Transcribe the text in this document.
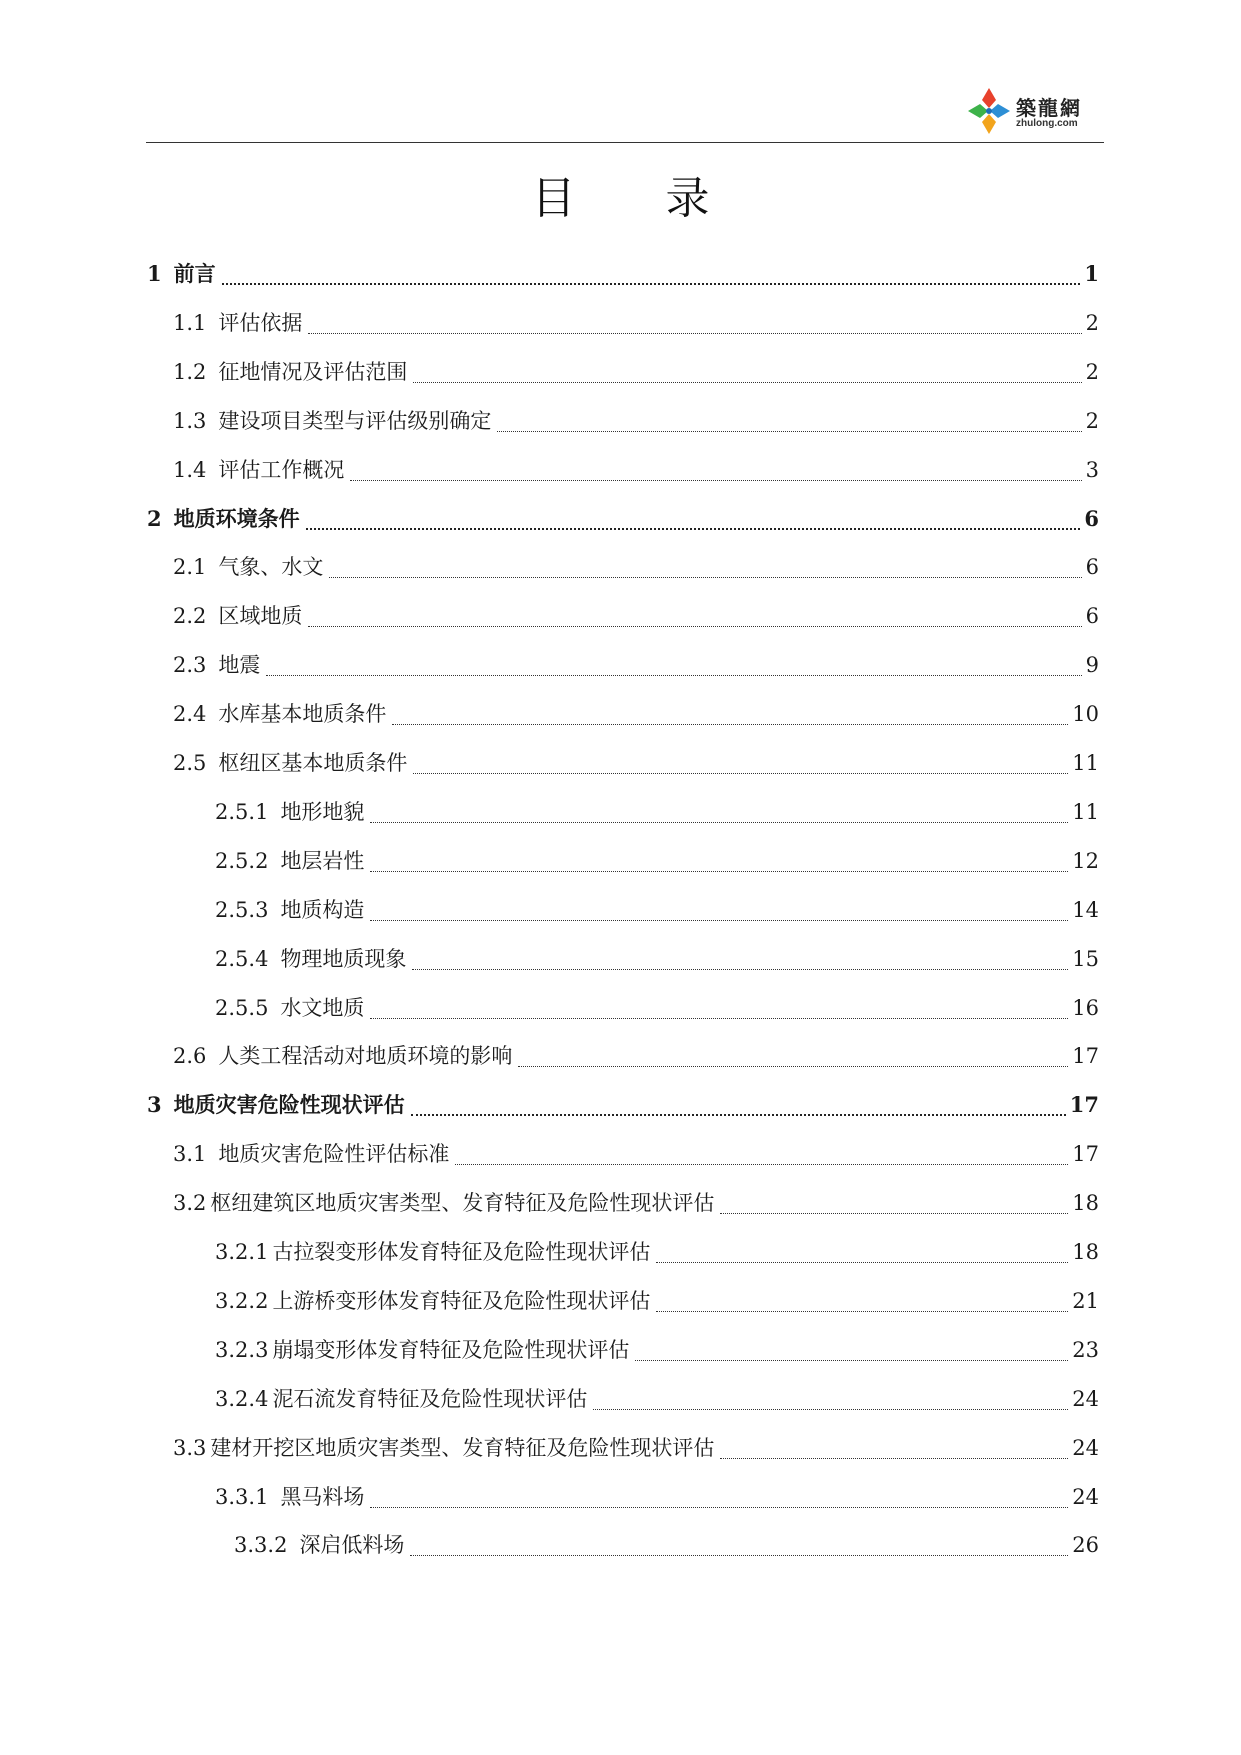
築龍網
zhulong.com
目录
1 前言	1
1.1 评估依据	2
1.2 征地情况及评估范围	2
1.3 建设项目类型与评估级别确定	2
1.4 评估工作概况	3
2 地质环境条件	6
2.1 气象、水文	6
2.2 区域地质	6
2.3 地震	9
2.4 水库基本地质条件	10
2.5 枢纽区基本地质条件	11
2.5.1 地形地貌	11
2.5.2 地层岩性	12
2.5.3 地质构造	14
2.5.4 物理地质现象	15
2.5.5 水文地质	16
2.6 人类工程活动对地质环境的影响	17
3 地质灾害危险性现状评估	17
3.1 地质灾害危险性评估标准	17
3.2 枢纽建筑区地质灾害类型、发育特征及危险性现状评估	18
3.2.1 古拉裂变形体发育特征及危险性现状评估	18
3.2.2 上游桥变形体发育特征及危险性现状评估	21
3.2.3 崩塌变形体发育特征及危险性现状评估	23
3.2.4 泥石流发育特征及危险性现状评估	24
3.3 建材开挖区地质灾害类型、发育特征及危险性现状评估	24
3.3.1 黑马料场	24
3.3.2 深启低料场	26
